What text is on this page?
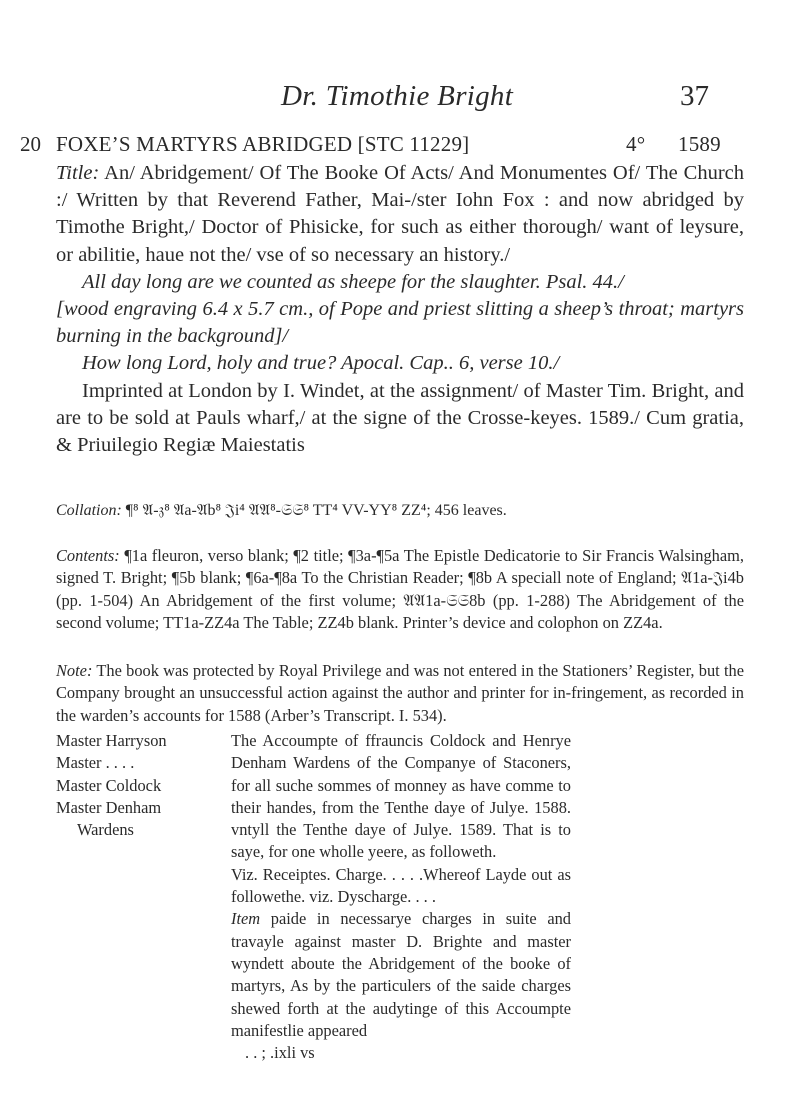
Dr. Timothie Bright	37
20 FOXE’S MARTYRS ABRIDGED [STC 11229]	4° 1589

Title: An/ Abridgement/ Of The Booke Of Acts/ And Monumentes Of/ The Church :/ Written by that Reverend Father, Mai-/ster Iohn Fox : and now abridged by Timothe Bright,/ Doctor of Phisicke, for such as either thorough/ want of leysure, or abilitie, haue not the/ vse of so necessary an history./

All day long are we counted as sheepe for the slaughter. Psal. 44./

[wood engraving 6.4 x 5.7 cm., of Pope and priest slitting a sheep’s throat; martyrs burning in the background]/

How long Lord, holy and true? Apocal. Cap.. 6, verse 10./

Imprinted at London by I. Windet, at the assignment/ of Master Tim. Bright, and are to be sold at Pauls wharf,/ at the signe of the Crosse-keyes. 1589./ Cum gratia, & Priuilegio Regiæ Maiestatis

Collation: ¶⁸ 𝔄-𝔷⁸ 𝔄a-𝔄b⁸ 𝔍i⁴ 𝔄𝔄⁸-𝔖𝔖⁸ TT⁴ VV-YY⁸ ZZ⁴; 456 leaves.
Contents: ¶1a fleuron, verso blank; ¶2 title; ¶3a-¶5a The Epistle Dedicatorie to Sir Francis Walsingham, signed T. Bright; ¶5b blank; ¶6a-¶8a To the Christian Reader; ¶8b A speciall note of England; 𝔄1a-𝔍i4b (pp. 1-504) An Abridgement of the first volume; 𝔄𝔄1a-𝔖𝔖8b (pp. 1-288) The Abridgement of the second volume; TT1a-ZZ4a The Table; ZZ4b blank. Printer’s device and colophon on ZZ4a.
Note: The book was protected by Royal Privilege and was not entered in the Stationers’ Register, but the Company brought an unsuccessful action against the author and printer for in-fringement, as recorded in the warden’s accounts for 1588 (Arber’s Transcript. I. 534).
Master Harryson
Master . . . .
Master Coldock
Master Denham
Wardens

The Accoumpte of ffrauncis Coldock and Henrye Denham Wardens of the Companye of Staconers, for all suche sommes of monney as have comme to their handes, from the Tenthe daye of Julye. 1588. vntyll the Tenthe daye of Julye. 1589. That is to saye, for one wholle yeere, as followeth.

Viz. Receiptes. Charge. . . . .Whereof Layde out as followethe. viz. Dyscharge. . . .

Item paide in necessarye charges in suite and travayle against master D. Brighte and master wyndett aboute the Abridgement of the booke of martyrs, As by the particulers of the saide charges shewed forth at the audytinge of this Accoumpte manifestlie appeared

. . ; .ixli vs
